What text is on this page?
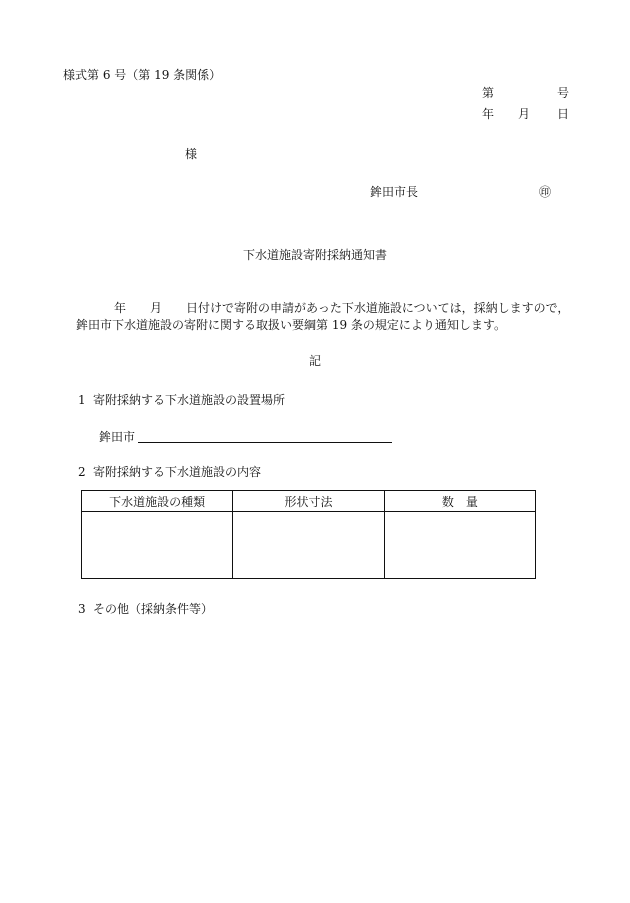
様式第 6 号（第 19 条関係）
第	号
年 月 日
様
鉾田市長	㊞
下水道施設寄附採納通知書

年 月 日付けで寄附の申請があった下水道施設については，採納しますので，

鉾田市下水道施設の寄附に関する取扱い要綱第 19 条の規定により通知します。

記
1 寄附採納する下水道施設の設置場所
鉾田市
2 寄附採納する下水道施設の内容
下水道施設の種類	形状寸法	数　量

3 その他（採納条件等）
